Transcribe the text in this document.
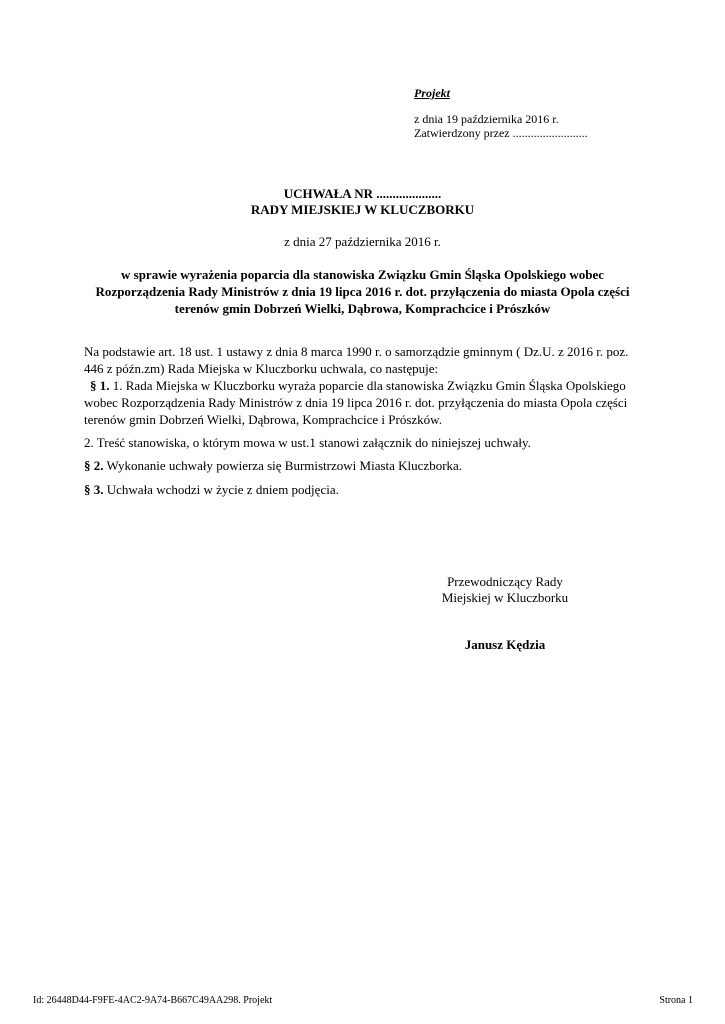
Projekt
z dnia 19 października 2016 r.
Zatwierdzony przez .........................
UCHWAŁA NR ....................
RADY MIEJSKIEJ W KLUCZBORKU
z dnia 27 października 2016 r.
w sprawie wyrażenia poparcia dla stanowiska Związku Gmin Śląska Opolskiego wobec
Rozporządzenia Rady Ministrów z dnia 19 lipca 2016 r. dot. przyłączenia do miasta Opola części
terenów gmin Dobrzeń Wielki, Dąbrowa, Komprachcice i Prószków
Na podstawie art. 18 ust. 1 ustawy z dnia 8 marca 1990 r. o samorządzie gminnym ( Dz.U. z 2016 r. poz.
446 z późn.zm) Rada Miejska w Kluczborku uchwala, co następuje:
§ 1. 1. Rada Miejska w Kluczborku wyraża poparcie dla stanowiska Związku Gmin Śląska Opolskiego
wobec Rozporządzenia Rady Ministrów z dnia 19 lipca 2016 r. dot. przyłączenia do miasta Opola części
terenów gmin Dobrzeń Wielki, Dąbrowa, Komprachcice i Prószków.
2. Treść stanowiska, o którym mowa w ust.1 stanowi załącznik do niniejszej uchwały.
§ 2. Wykonanie uchwały powierza się Burmistrzowi Miasta Kluczborka.
§ 3. Uchwała wchodzi w życie z dniem podjęcia.
Przewodniczący Rady
Miejskiej w Kluczborku
Janusz Kędzia
Id: 26448D44-F9FE-4AC2-9A74-B667C49AA298. Projekt	Strona 1
